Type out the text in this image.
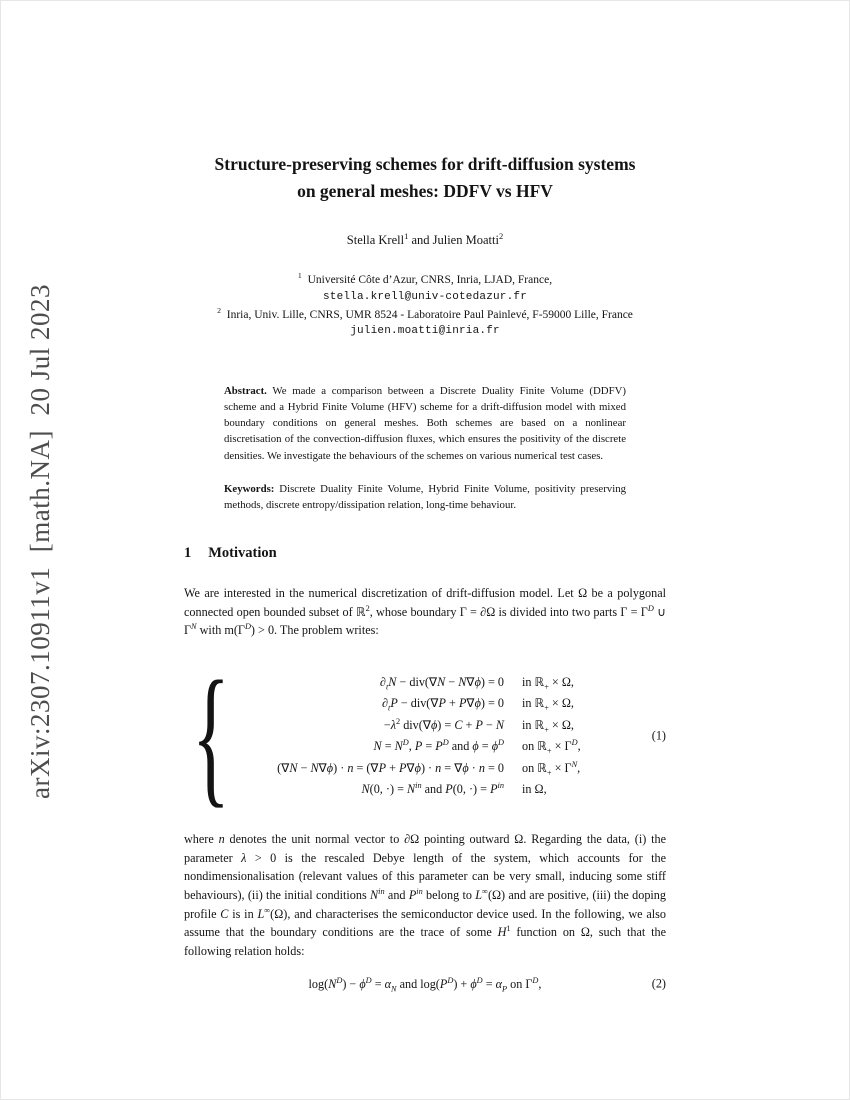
arXiv:2307.10911v1  [math.NA]  20 Jul 2023
Structure-preserving schemes for drift-diffusion systems
on general meshes: DDFV vs HFV
Stella Krell$^1$ and Julien Moatti$^2$
$^1$  Université Côte d’Azur, CNRS, Inria, LJAD, France,
stella.krell@univ-cotedazur.fr
$^2$  Inria, Univ. Lille, CNRS, UMR 8524 - Laboratoire Paul Painlevé, F-59000 Lille, France
julien.moatti@inria.fr

Abstract. We made a comparison between a Discrete Duality Finite Volume (DDFV) scheme and a Hybrid Finite Volume (HFV) scheme for a drift-diffusion model with mixed boundary conditions on general meshes. Both schemes are based on a nonlinear discretisation of the convection-diffusion fluxes, which ensures the positivity of the discrete densities. We investigate the behaviours of the schemes on various numerical test cases.

Keywords: Discrete Duality Finite Volume, Hybrid Finite Volume, positivity preserving methods, discrete entropy/dissipation relation, long-time behaviour.

1 Motivation

We are interested in the numerical discretization of drift-diffusion model. Let Ω be a polygonal connected open bounded subset of ℝ$^2$, whose boundary Γ = ∂Ω is divided into two parts $\Gamma = \Gamma^D$ ∪ $\Gamma^N$ with $m(\Gamma^D) > 0$. The problem writes:

{	$\partial_tN - div(\nabla N - N\nabla\phi) = 0$	in ℝ$_+$ × Ω,
$\partial_tP - div(\nabla P + P\nabla\phi) = 0$	in ℝ$_+$ × Ω,
$-\lambda^2$ div(∇ϕ) = C + P − N	in ℝ$_+$ × Ω,
$N = N^D$, $P = P^D$ and $\phi = \phi^D$	on ℝ$_+$ × $\Gamma^D$,
(∇N − N∇ϕ) · n = (∇P + P∇ϕ) · n = ∇ϕ · n = 0	on ℝ$_+$ × $\Gamma^N$,
N(0, ·) = $N^{in}$ and P(0, ·) = $P^{in}$	in Ω,
(1)

where n denotes the unit normal vector to ∂Ω pointing outward Ω. Regarding the data, (i) the parameter λ > 0 is the rescaled Debye length of the system, which accounts for the nondimensionalisation (relevant values of this parameter can be very small, inducing some stiff behaviours), (ii) the initial conditions $N^{in}$ and $P^{in}$ belong to L∞(Ω) and are positive, (iii) the doping profile C is in L∞(Ω), and characterises the semiconductor device used. In the following, we also assume that the boundary conditions are the trace of some $H^1$ function on Ω, such that the following relation holds:

$\log(N^D) - \phi^D = \alpha_N$ and $\log(P^D) + \phi^D = \alpha_P$ on $\Gamma^D$,	(2)
